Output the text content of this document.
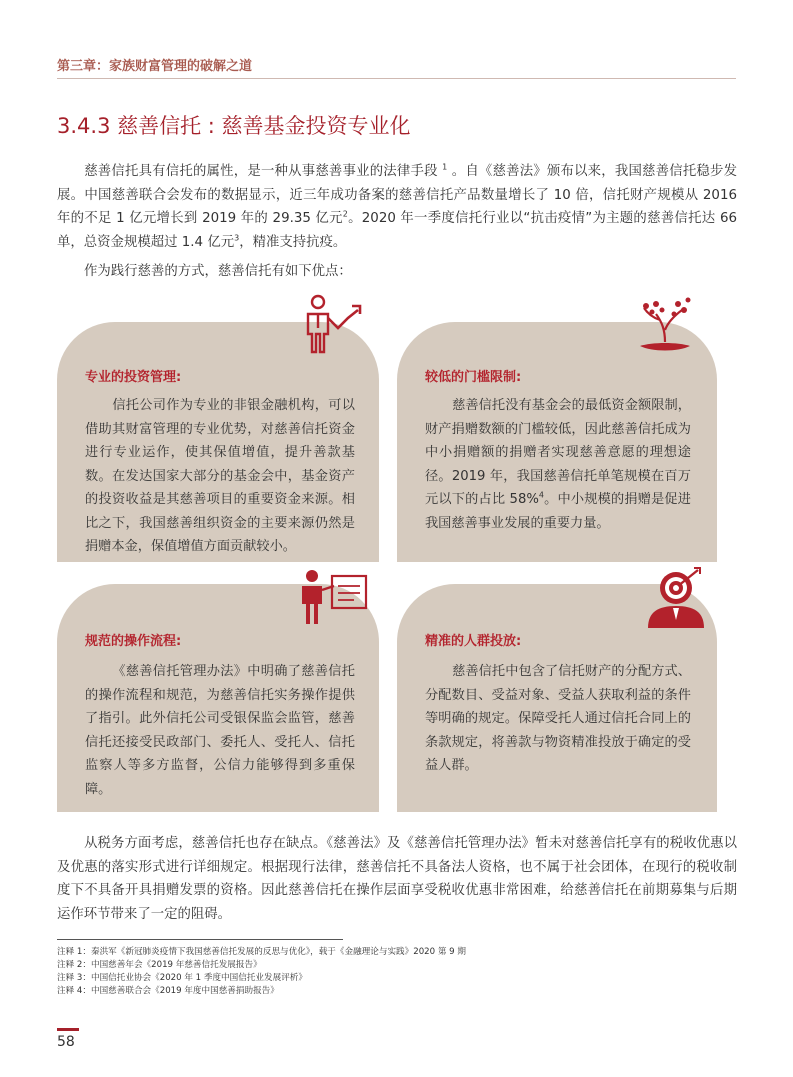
第三章：家族财富管理的破解之道
3.4.3 慈善信托 : 慈善基金投资专业化
慈善信托具有信托的属性，是一种从事慈善事业的法律手段 $^1$ 。自《慈善法》颁布以来，我国慈善信托稳步发展。中国慈善联合会发布的数据显示，近三年成功备案的慈善信托产品数量增长了 10 倍，信托财产规模从 2016 年的不足 1 亿元增长到 2019 年的 29.35 亿元$^2$。2020 年一季度信托行业以“抗击疫情”为主题的慈善信托达 66 单，总资金规模超过 1.4 亿元$^3$，精准支持抗疫。
作为践行慈善的方式，慈善信托有如下优点：
专业的投资管理:
信托公司作为专业的非银金融机构，可以借助其财富管理的专业优势，对慈善信托资金进行专业运作，使其保值增值，提升善款基数。在发达国家大部分的基金会中，基金资产的投资收益是其慈善项目的重要资金来源。相比之下，我国慈善组织资金的主要来源仍然是捐赠本金，保值增值方面贡献较小。
较低的门槛限制:
慈善信托没有基金会的最低资金额限制，财产捐赠数额的门槛较低，因此慈善信托成为中小捐赠额的捐赠者实现慈善意愿的理想途径。2019 年，我国慈善信托单笔规模在百万元以下的占比 58%$^4$。中小规模的捐赠是促进我国慈善事业发展的重要力量。
规范的操作流程:
《慈善信托管理办法》中明确了慈善信托的操作流程和规范，为慈善信托实务操作提供了指引。此外信托公司受银保监会监管，慈善信托还接受民政部门、委托人、受托人、信托监察人等多方监督，公信力能够得到多重保障。
精准的人群投放:
慈善信托中包含了信托财产的分配方式、分配数目、受益对象、受益人获取利益的条件等明确的规定。保障受托人通过信托合同上的条款规定，将善款与物资精准投放于确定的受益人群。
从税务方面考虑，慈善信托也存在缺点。《慈善法》及《慈善信托管理办法》暂未对慈善信托享有的税收优惠以及优惠的落实形式进行详细规定。根据现行法律，慈善信托不具备法人资格，也不属于社会团体，在现行的税收制度下不具备开具捐赠发票的资格。因此慈善信托在操作层面享受税收优惠非常困难，给慈善信托在前期募集与后期运作环节带来了一定的阻碍。
注释 1：秦洪军《新冠肺炎疫情下我国慈善信托发展的反思与优化》，载于《金融理论与实践》2020 第 9 期
注释 2：中国慈善年会《2019 年慈善信托发展报告》
注释 3：中国信托业协会《2020 年 1 季度中国信托业发展评析》
注释 4：中国慈善联合会《2019 年度中国慈善捐助报告》
58
